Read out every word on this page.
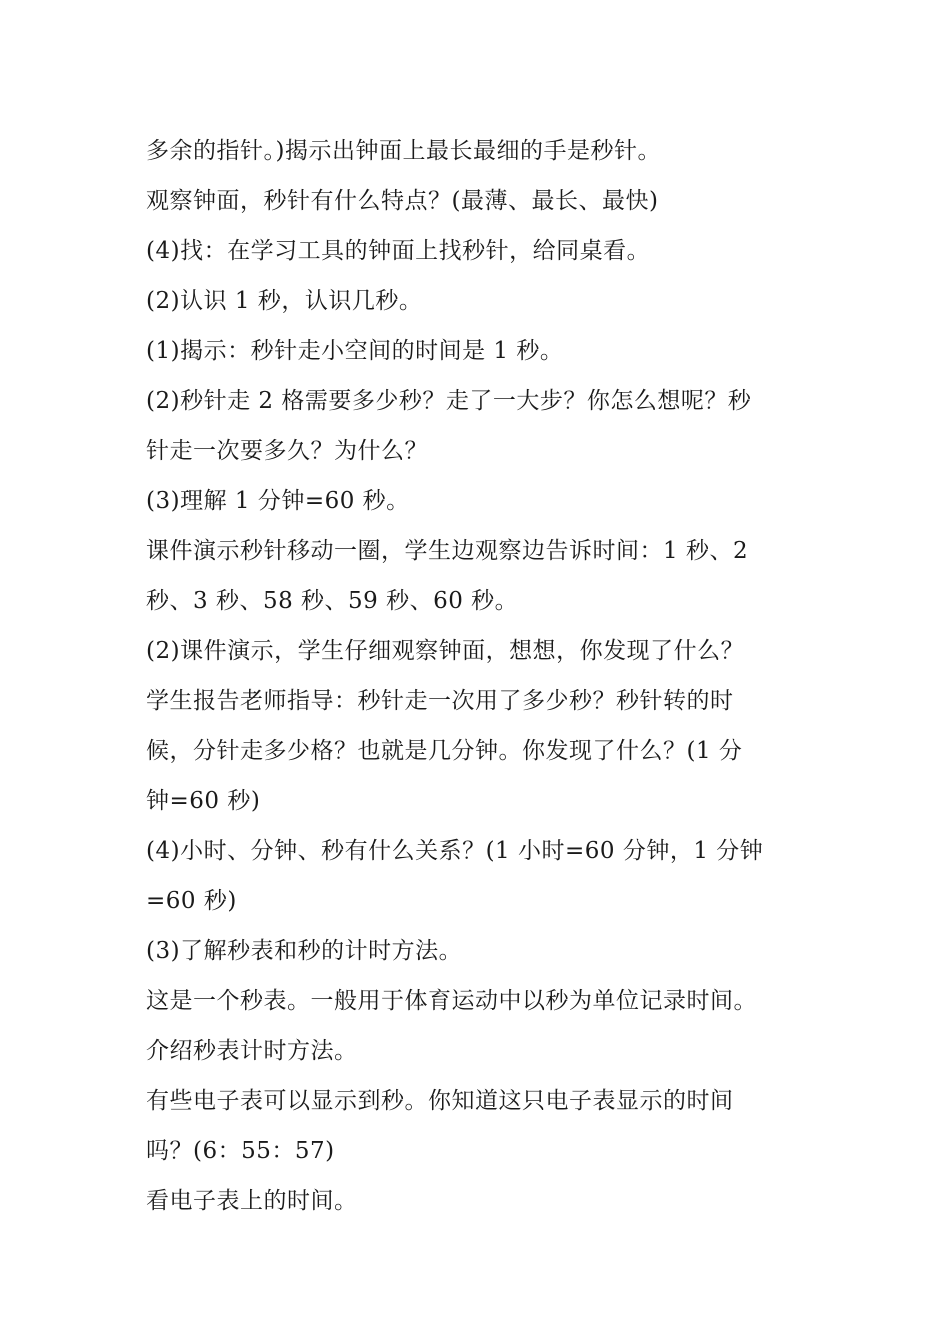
多余的指针。)揭示出钟面上最长最细的手是秒针。
观察钟面，秒针有什么特点？(最薄、最长、最快)
(4)找：在学习工具的钟面上找秒针，给同桌看。
(2)认识 1 秒，认识几秒。
(1)揭示：秒针走小空间的时间是 1 秒。
(2)秒针走 2 格需要多少秒？走了一大步？你怎么想呢？秒
针走一次要多久？为什么？
(3)理解 1 分钟=60 秒。
课件演示秒针移动一圈，学生边观察边告诉时间：1 秒、2
秒、3 秒、58 秒、59 秒、60 秒。
(2)课件演示，学生仔细观察钟面，想想，你发现了什么？
学生报告老师指导：秒针走一次用了多少秒？秒针转的时
候，分针走多少格？也就是几分钟。你发现了什么？(1 分
钟=60 秒)
(4)小时、分钟、秒有什么关系？(1 小时=60 分钟，1 分钟
=60 秒)
(3)了解秒表和秒的计时方法。
这是一个秒表。一般用于体育运动中以秒为单位记录时间。
介绍秒表计时方法。
有些电子表可以显示到秒。你知道这只电子表显示的时间
吗？(6：55：57)
看电子表上的时间。
